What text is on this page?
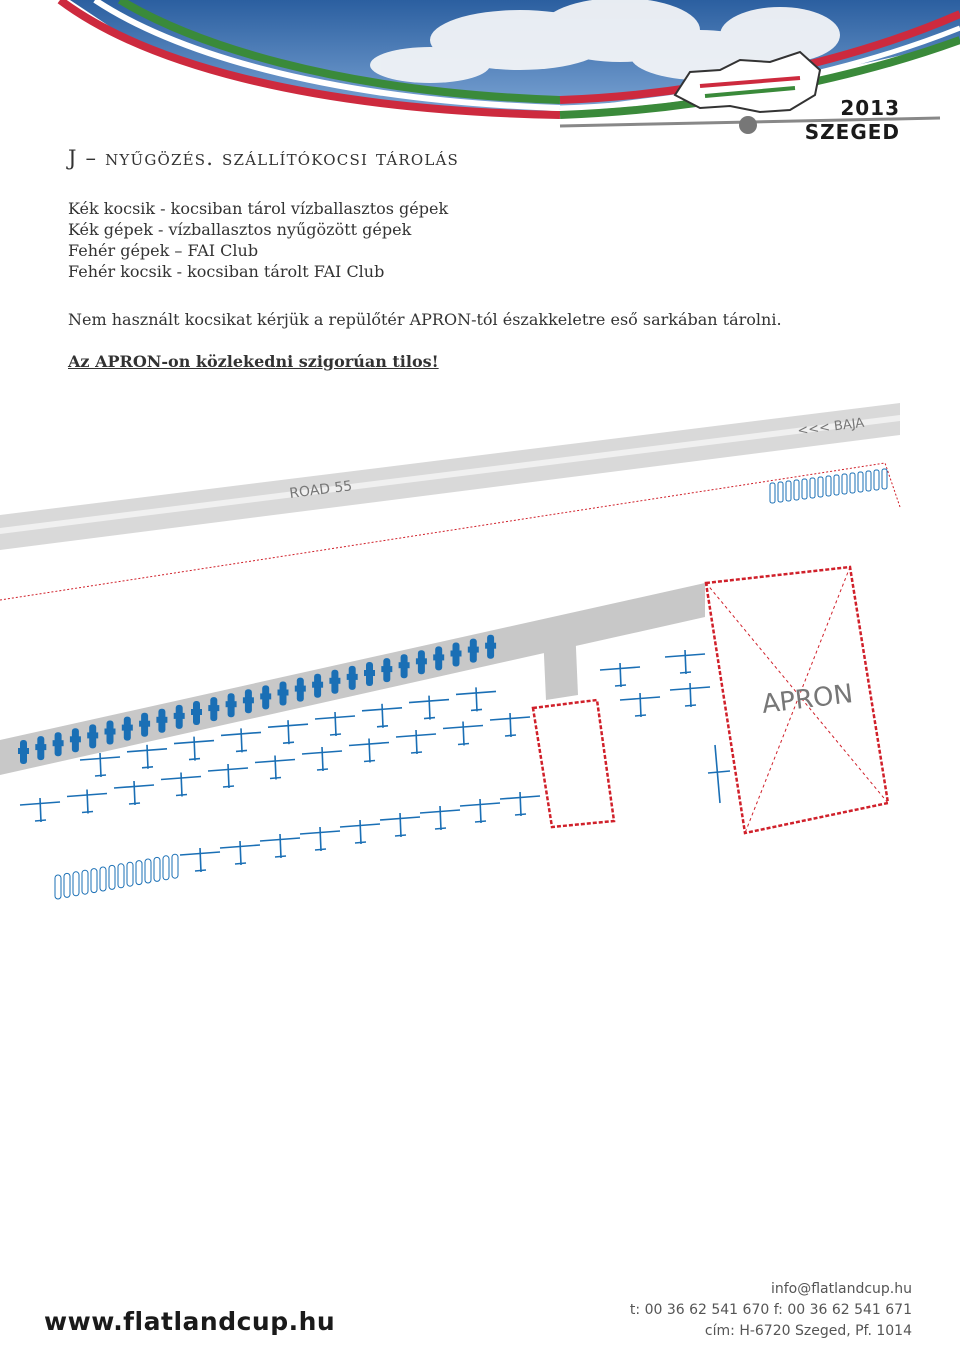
2013
SZEGED
J – nyűgözés. szállítókocsi tárolás
Kék kocsik - kocsiban tárol vízballasztos gépek
Kék gépek - vízballasztos nyűgözött gépek
Fehér gépek – FAI Club
Fehér kocsik - kocsiban tárolt FAI Club
Nem használt kocsikat kérjük a repülőtér APRON-tól északkeletre eső sarkában tárolni.
Az APRON-on közlekedni szigorúan tilos!
ROAD 55
<<< BAJA
APRON
www.flatlandcup.hu
info@flatlandcup.hu
t: 00 36 62 541 670 f: 00 36 62 541 671
cím: H-6720 Szeged, Pf. 1014
